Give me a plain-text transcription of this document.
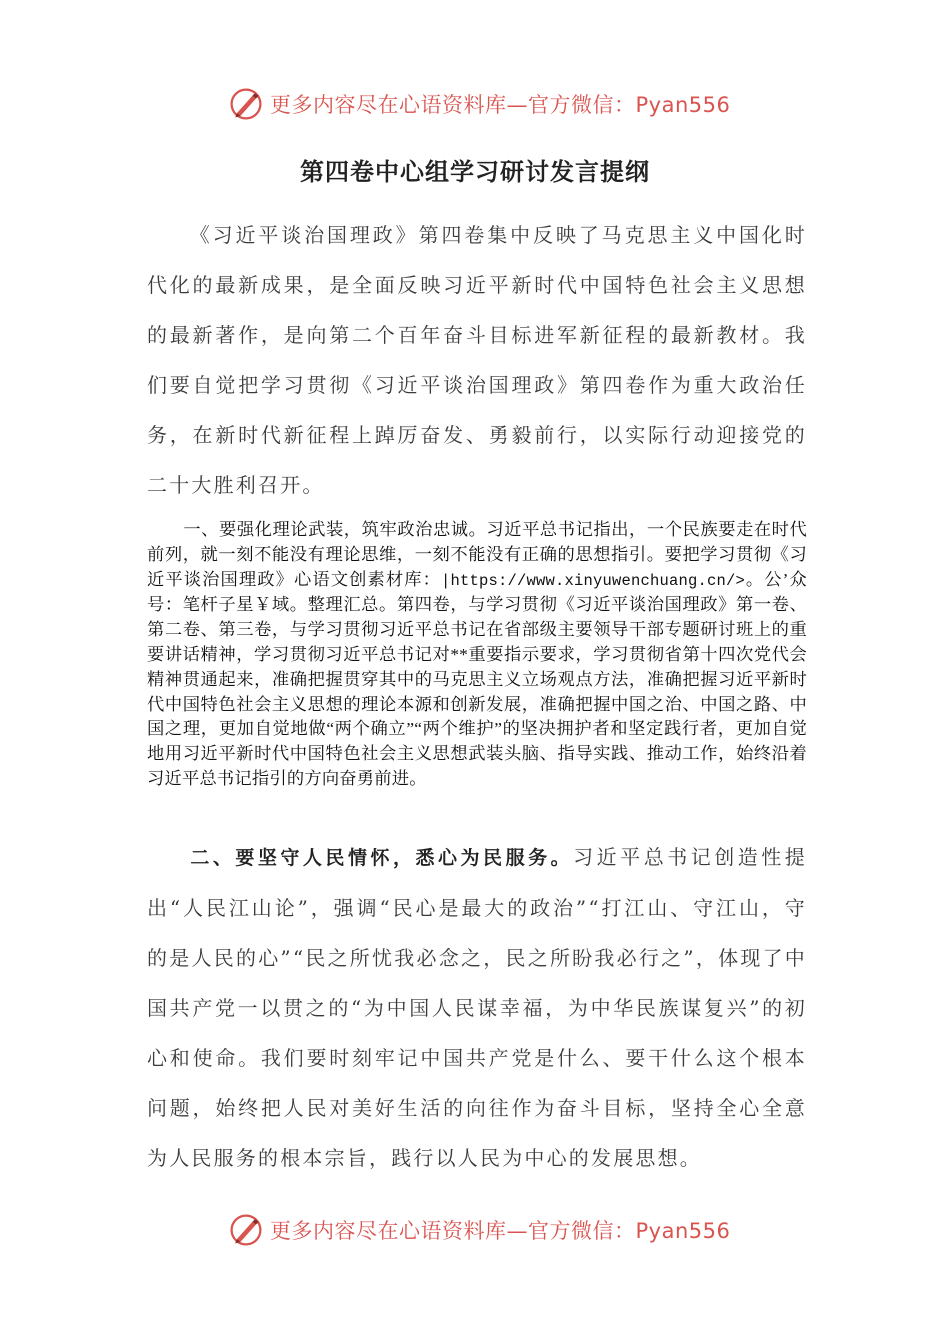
更多内容尽在心语资料库—官方微信：Pyan556
第四卷中心组学习研讨发言提纲

《习近平谈治国理政》第四卷集中反映了马克思主义中国化时代化的最新成果，是全面反映习近平新时代中国特色社会主义思想的最新著作，是向第二个百年奋斗目标进军新征程的最新教材。我们要自觉把学习贯彻《习近平谈治国理政》第四卷作为重大政治任务，在新时代新征程上踔厉奋发、勇毅前行，以实际行动迎接党的二十大胜利召开。

一、要强化理论武装，筑牢政治忠诚。习近平总书记指出，一个民族要走在时代前列，就一刻不能没有理论思维，一刻不能没有正确的思想指引。要把学习贯彻《习近平谈治国理政》心语文创素材库：|https://www.xinyuwenchuang.cn/>。公’众号：笔杆子星￥域。整理汇总。第四卷，与学习贯彻《习近平谈治国理政》第一卷、第二卷、第三卷，与学习贯彻习近平总书记在省部级主要领导干部专题研讨班上的重要讲话精神，学习贯彻习近平总书记对**重要指示要求，学习贯彻省第十四次党代会精神贯通起来，准确把握贯穿其中的马克思主义立场观点方法，准确把握习近平新时代中国特色社会主义思想的理论本源和创新发展，准确把握中国之治、中国之路、中国之理，更加自觉地做“两个确立”“两个维护”的坚决拥护者和坚定践行者，更加自觉地用习近平新时代中国特色社会主义思想武装头脑、指导实践、推动工作，始终沿着习近平总书记指引的方向奋勇前进。

二、要坚守人民情怀，悉心为民服务。习近平总书记创造性提出“人民江山论”，强调“民心是最大的政治”“打江山、守江山，守的是人民的心”“民之所忧我必念之，民之所盼我必行之”，体现了中国共产党一以贯之的“为中国人民谋幸福，为中华民族谋复兴”的初心和使命。我们要时刻牢记中国共产党是什么、要干什么这个根本问题，始终把人民对美好生活的向往作为奋斗目标，坚持全心全意为人民服务的根本宗旨，践行以人民为中心的发展思想。

更多内容尽在心语资料库—官方微信：Pyan556
